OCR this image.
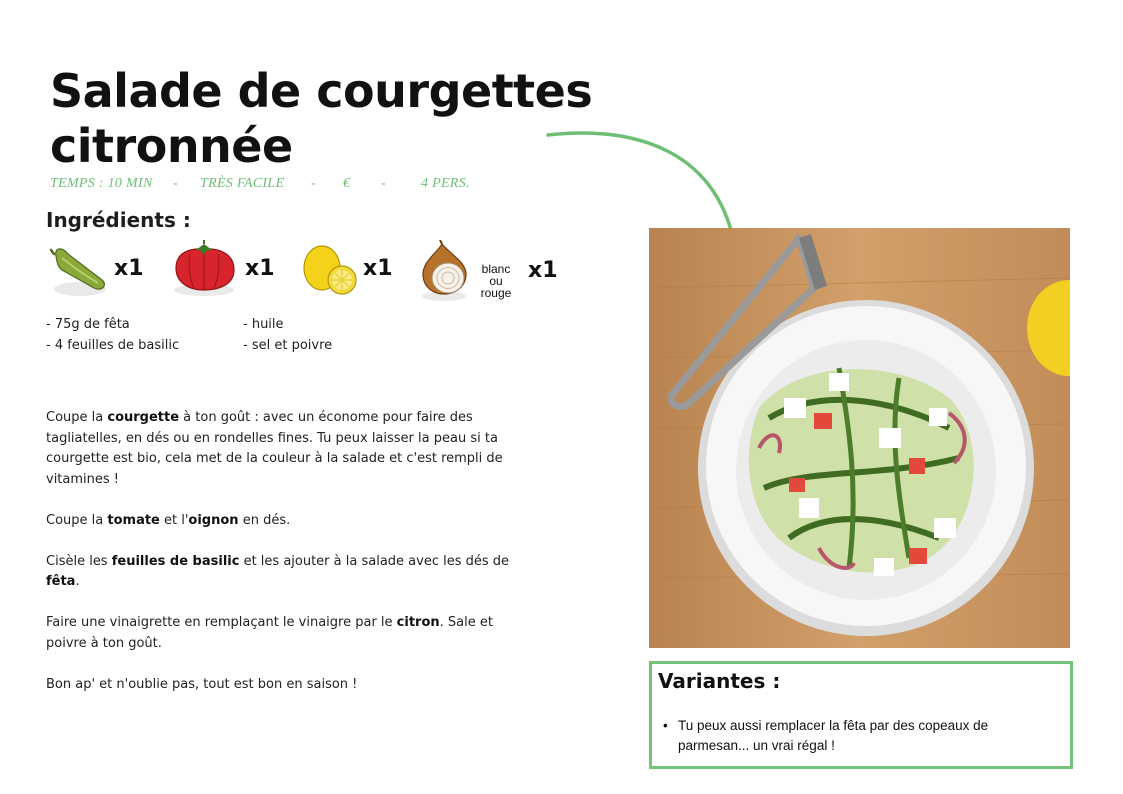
Salade de courgettes
citronnée
TEMPS : 10 MIN - TRÈS FACILE - € -	4 PERS.
Ingrédients :
x1	x1	x1	blanc
ou
rouge
x1
- 75g de fêta
- 4 feuilles de basilic
- huile
- sel et poivre

Coupe la courgette à ton goût : avec un économe pour faire des tagliatelles, en dés ou en rondelles fines. Tu peux laisser la peau si ta courgette est bio, cela met de la couleur à la salade et c'est rempli de vitamines !

Coupe la tomate et l'oignon en dés.

Cisèle les feuilles de basilic et les ajouter à la salade avec les dés de fêta.

Faire une vinaigrette en remplaçant le vinaigre par le citron. Sale et poivre à ton goût.

Bon ap' et n'oublie pas, tout est bon en saison !	Variantes :
• Tu peux aussi remplacer la fêta par des copeaux de parmesan... un vrai régal !
